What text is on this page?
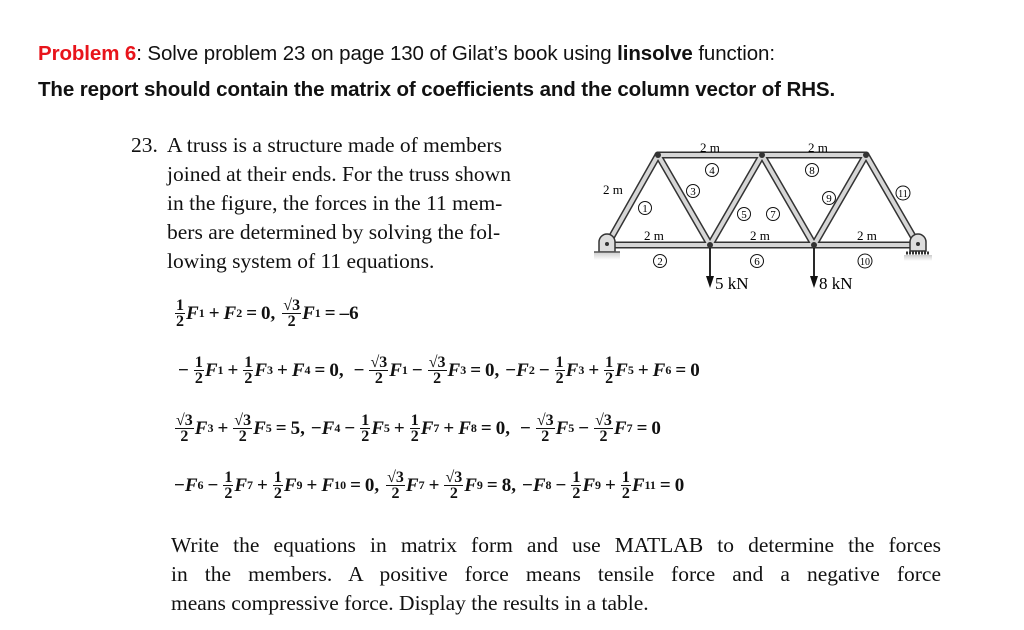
Problem 6: Solve problem 23 on page 130 of Gilat’s book using linsolve function:
The report should contain the matrix of coefficients and the column vector of RHS.
23. A truss is a structure made of members
joined at their ends. For the truss shown
in the figure, the forces in the 11 mem-
bers are determined by solving the fol-
lowing system of 11 equations.
5 kN	8 kN
2 m	2 m
2 m
2 m	2 m	2 m
1
2
3
4
5
6
7
8
9
10
11
$\frac{1}{2}$ F 1 + F 2 = 0 , $\frac{√3}{2}$ F 1 = –6
− $\frac{1}{2}$ F $1 + \frac{1}{2}$ F 3 + F 4 = 0 , − $\frac{√3}{2}$ F $1 - \frac{√3}{2}$ F 3 = 0 , − F $2 - \frac{1}{2}$ F $3 + \frac{1}{2}$ F 5 + F 6 = 0
$\frac{√3}{2}$ F $3 + \frac{√3}{2}$ F 5 = 5 , − F $4 - \frac{1}{2}$ F $5 + \frac{1}{2}$ F 7 + F 8 = 0 , − $\frac{√3}{2}$ F $5 - \frac{√3}{2}$ F 7 = 0
− F $6 - \frac{1}{2}$ F $7 + \frac{1}{2}$ F 9 + F 10 = 0 , $\frac{√3}{2}$ F $7 + \frac{√3}{2}$ F 9 = 8 , − F $8 - \frac{1}{2}$ F $9 + \frac{1}{2}$ F 11 = 0
Write the equations in matrix form and use MATLAB to determine the forces
in the members. A positive force means tensile force and a negative force
means compressive force. Display the results in a table.
